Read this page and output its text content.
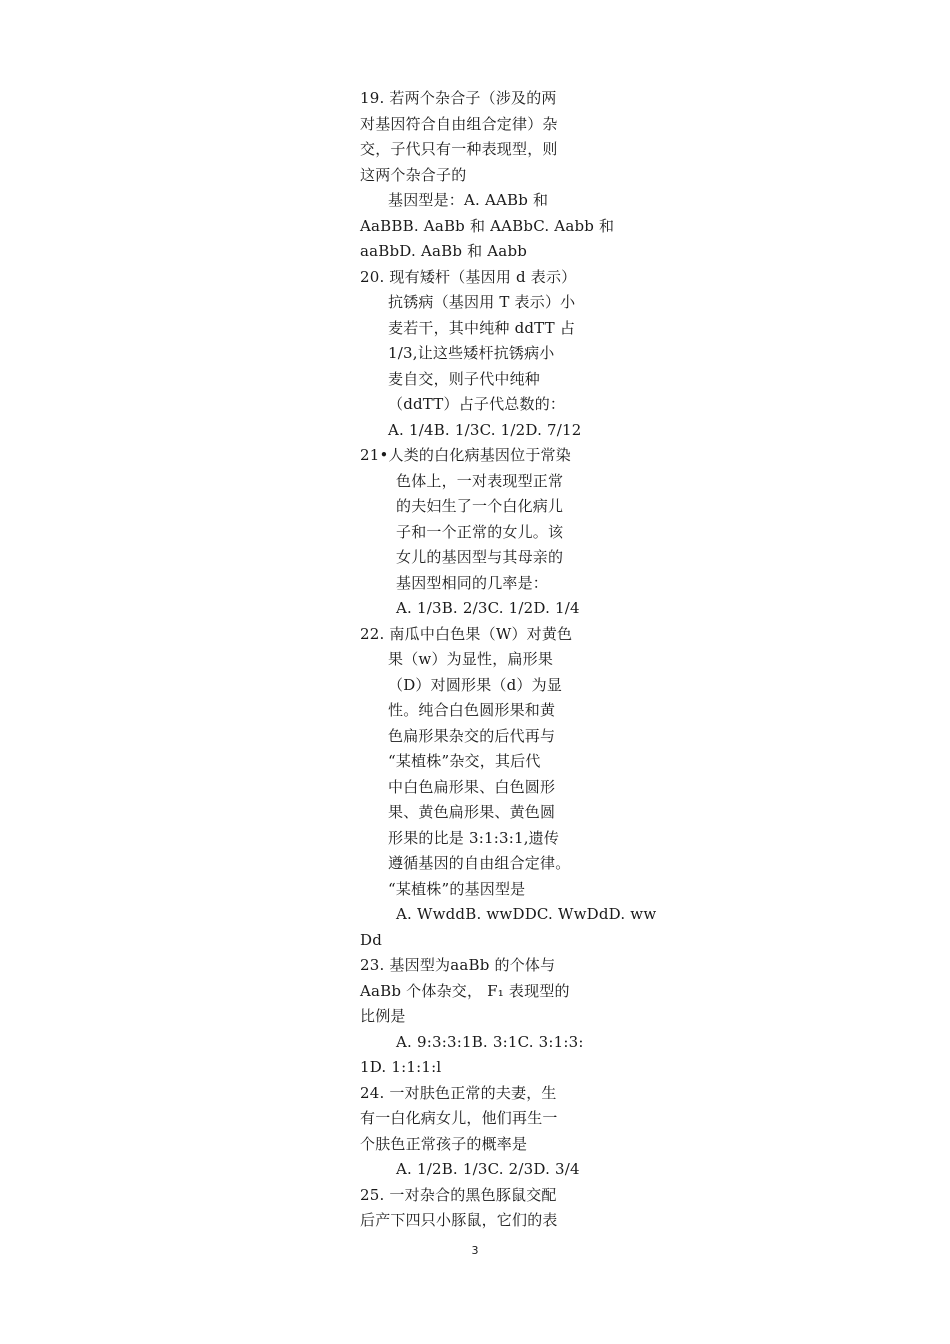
19. 若两个杂合子（涉及的两
对基因符合自由组合定律）杂
交，子代只有一种表现型，则
这两个杂合子的
基因型是：A. AABb 和
AaBBB. AaBb 和 AABbC. Aabb 和
aaBbD. AaBb 和 Aabb
20. 现有矮杆（基因用 d 表示）
抗锈病（基因用 T 表示）小
麦若干，其中纯种 ddTT 占
1/3,让这些矮杆抗锈病小
麦自交，则子代中纯种
（ddTT）占子代总数的：
A. 1/4B. 1/3C. 1/2D. 7/12
21•人类的白化病基因位于常染
色体上，一对表现型正常
的夫妇生了一个白化病儿
子和一个正常的女儿。该
女儿的基因型与其母亲的
基因型相同的几率是：
A. 1/3B. 2/3C. 1/2D. 1/4
22. 南瓜中白色果（W）对黄色
果（w）为显性，扁形果
（D）对圆形果（d）为显
性。纯合白色圆形果和黄
色扁形果杂交的后代再与
“某植株”杂交，其后代
中白色扁形果、白色圆形
果、黄色扁形果、黄色圆
形果的比是 3:1:3:1,遗传
遵循基因的自由组合定律。
“某植株”的基因型是
A. WwddB. wwDDC. WwDdD. ww
Dd
23. 基因型为aaBb 的个体与
AaBb 个体杂交， F₁ 表现型的
比例是
A. 9:3:3:1B. 3:1C. 3:1:3:
1D. 1:1:1:l
24. 一对肤色正常的夫妻，生
有一白化病女儿，他们再生一
个肤色正常孩子的概率是
A. 1/2B. 1/3C. 2/3D. 3/4
25. 一对杂合的黑色豚鼠交配
后产下四只小豚鼠，它们的表
3
